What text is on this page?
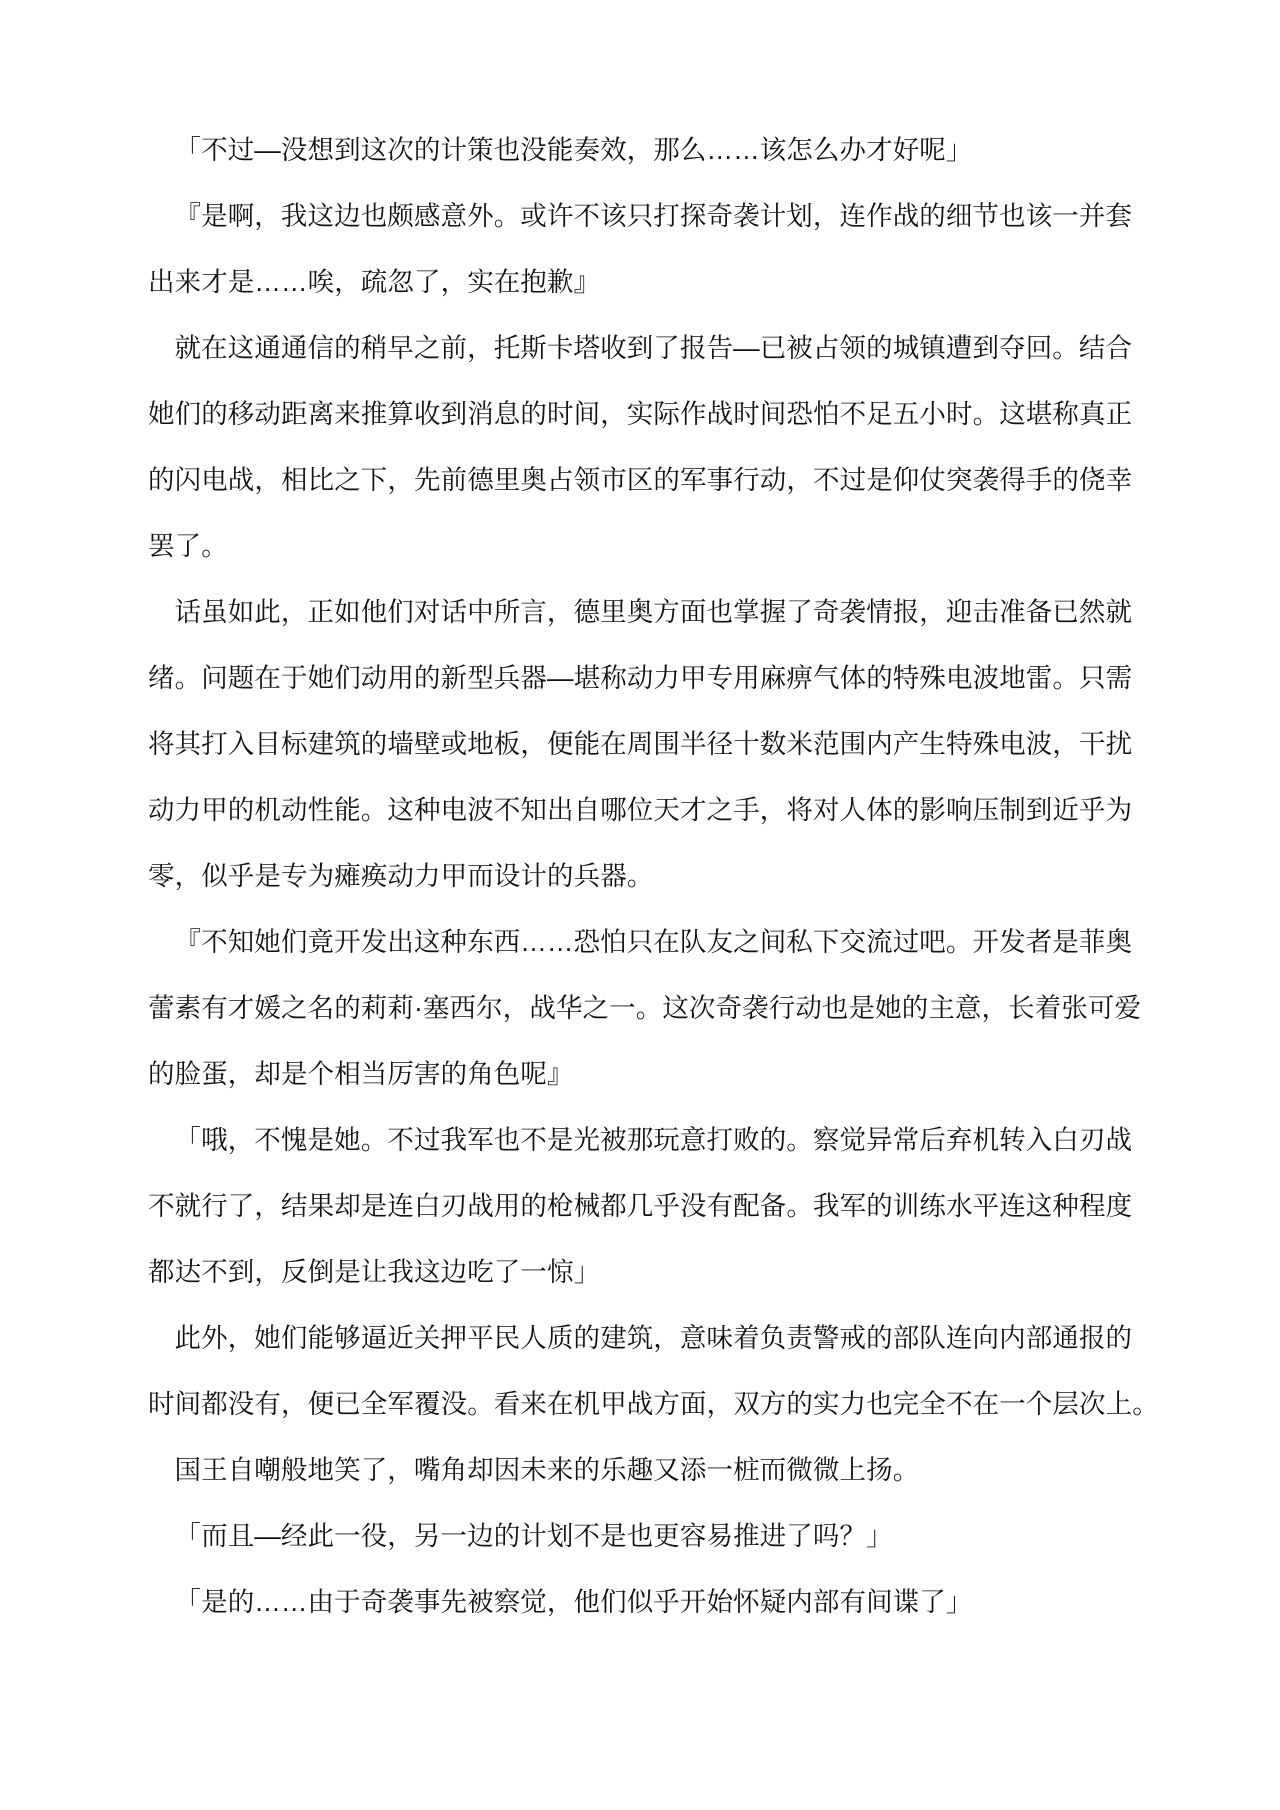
「不过—没想到这次的计策也没能奏效，那么……该怎么办才好呢」

『是啊，我这边也颇感意外。或许不该只打探奇袭计划，连作战的细节也该一并套
出来才是……唉，疏忽了，实在抱歉』

就在这通通信的稍早之前，托斯卡塔收到了报告—已被占领的城镇遭到夺回。结合
她们的移动距离来推算收到消息的时间，实际作战时间恐怕不足五小时。这堪称真正
的闪电战，相比之下，先前德里奥占领市区的军事行动，不过是仰仗突袭得手的侥幸
罢了。

话虽如此，正如他们对话中所言，德里奥方面也掌握了奇袭情报，迎击准备已然就
绪。问题在于她们动用的新型兵器—堪称动力甲专用麻痹气体的特殊电波地雷。只需
将其打入目标建筑的墙壁或地板，便能在周围半径十数米范围内产生特殊电波，干扰
动力甲的机动性能。这种电波不知出自哪位天才之手，将对人体的影响压制到近乎为
零，似乎是专为瘫痪动力甲而设计的兵器。

『不知她们竟开发出这种东西……恐怕只在队友之间私下交流过吧。开发者是菲奥
蕾素有才媛之名的莉莉·塞西尔，战华之一。这次奇袭行动也是她的主意，长着张可爱
的脸蛋，却是个相当厉害的角色呢』

「哦，不愧是她。不过我军也不是光被那玩意打败的。察觉异常后弃机转入白刃战
不就行了，结果却是连白刃战用的枪械都几乎没有配备。我军的训练水平连这种程度
都达不到，反倒是让我这边吃了一惊」

此外，她们能够逼近关押平民人质的建筑，意味着负责警戒的部队连向内部通报的
时间都没有，便已全军覆没。看来在机甲战方面，双方的实力也完全不在一个层次上。

国王自嘲般地笑了，嘴角却因未来的乐趣又添一桩而微微上扬。

「而且—经此一役，另一边的计划不是也更容易推进了吗？」

「是的……由于奇袭事先被察觉，他们似乎开始怀疑内部有间谍了」
